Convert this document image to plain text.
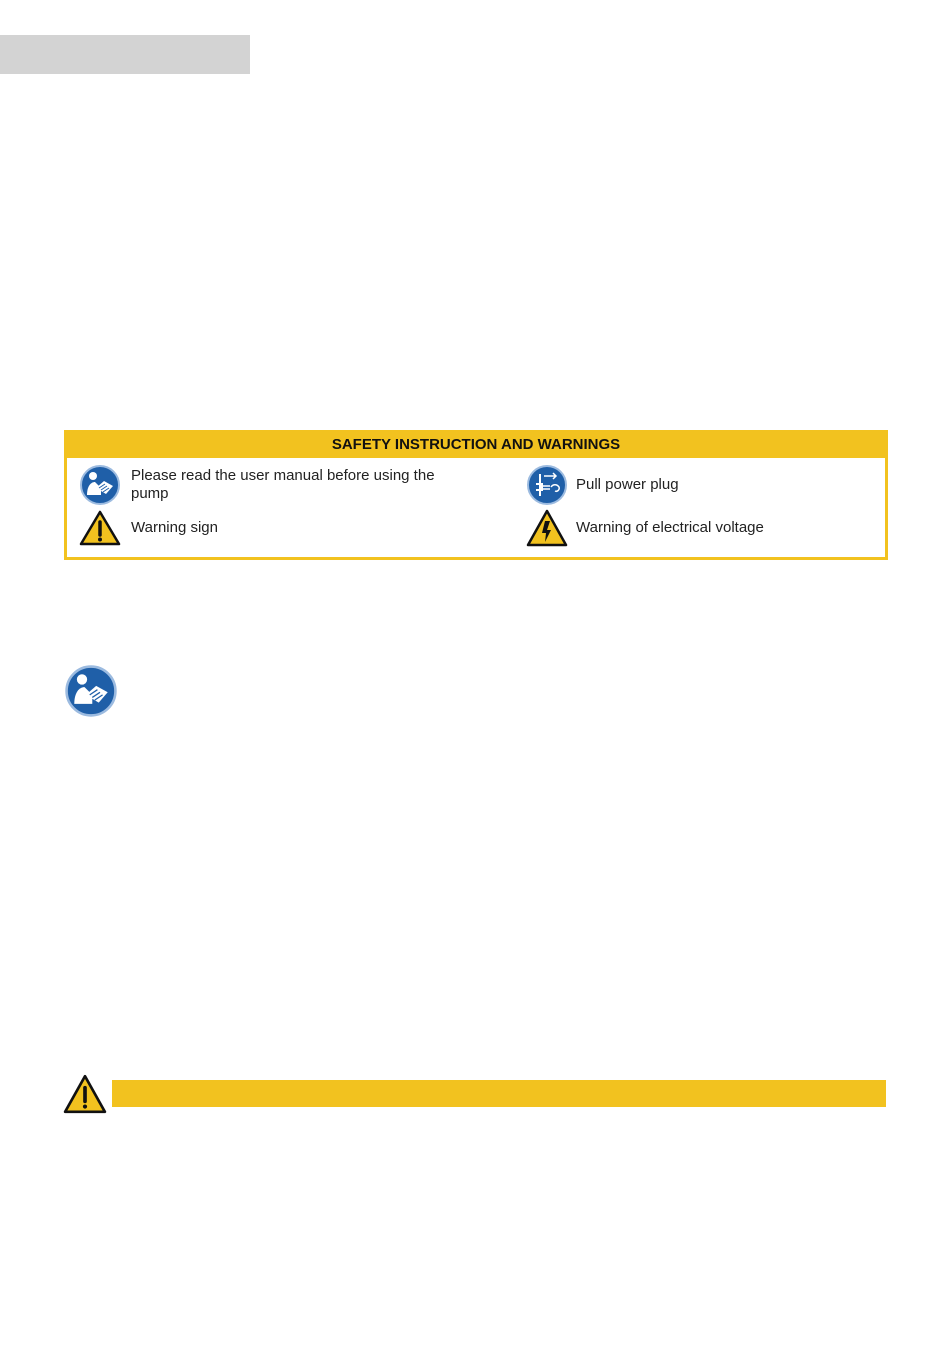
SAFETY INSTRUCTION AND WARNINGS
Please read the user manual before using the pump
Pull power plug
Warning sign	Warning of electrical voltage
